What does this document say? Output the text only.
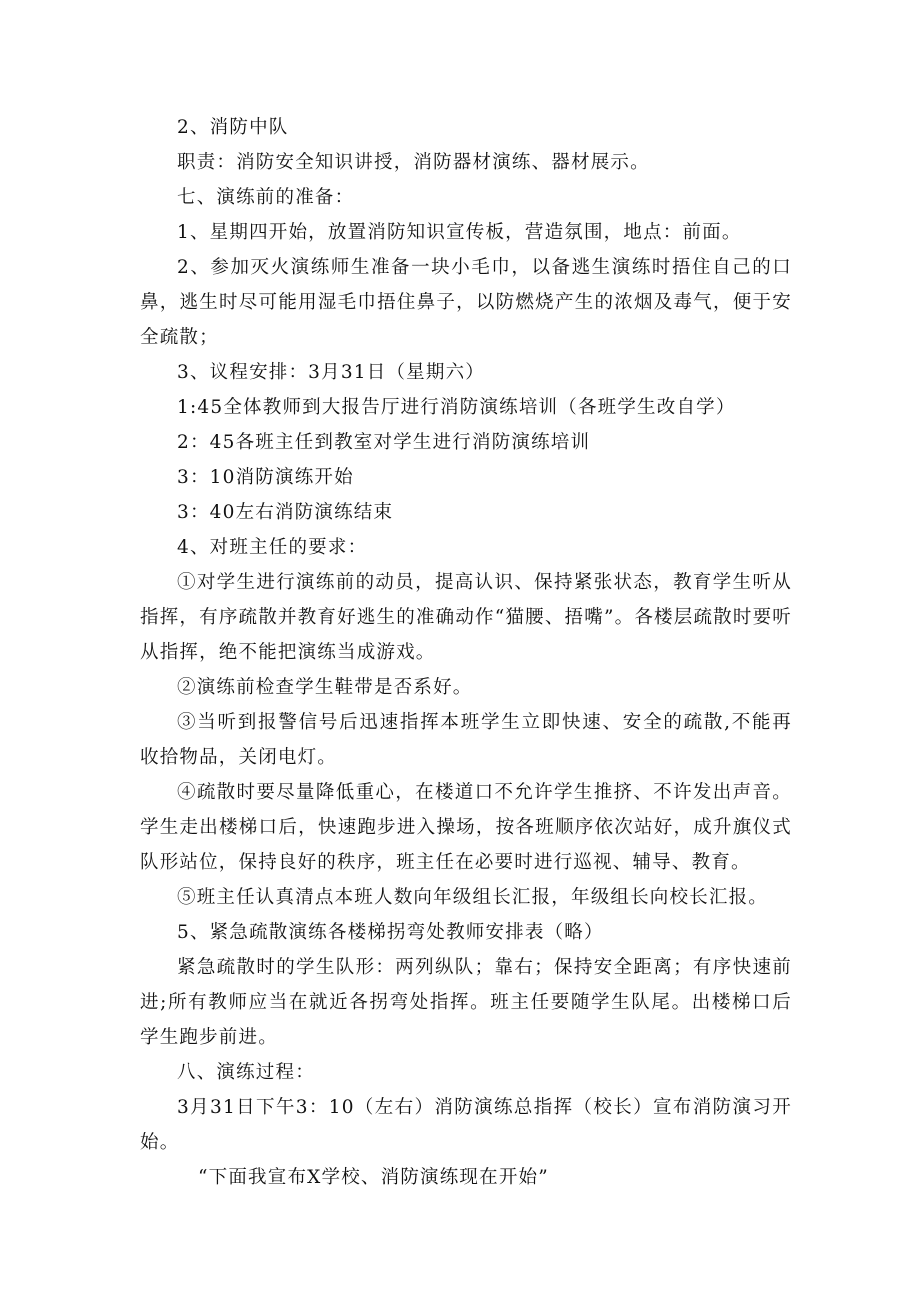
2、消防中队

职责：消防安全知识讲授，消防器材演练、器材展示。

七、演练前的准备：

1、星期四开始，放置消防知识宣传板，营造氛围，地点：前面。

2、参加灭火演练师生准备一块小毛巾，以备逃生演练时捂住自己的口鼻，逃生时尽可能用湿毛巾捂住鼻子，以防燃烧产生的浓烟及毒气，便于安全疏散；

3、议程安排：3月31日（星期六）

1:45全体教师到大报告厅进行消防演练培训（各班学生改自学）

2：45各班主任到教室对学生进行消防演练培训

3：10消防演练开始

3：40左右消防演练结束

4、对班主任的要求：

①对学生进行演练前的动员，提高认识、保持紧张状态，教育学生听从指挥，有序疏散并教育好逃生的准确动作“猫腰、捂嘴”。各楼层疏散时要听从指挥，绝不能把演练当成游戏。

②演练前检查学生鞋带是否系好。

③当听到报警信号后迅速指挥本班学生立即快速、安全的疏散,不能再收拾物品，关闭电灯。

④疏散时要尽量降低重心，在楼道口不允许学生推挤、不许发出声音。学生走出楼梯口后，快速跑步进入操场，按各班顺序依次站好，成升旗仪式队形站位，保持良好的秩序，班主任在必要时进行巡视、辅导、教育。

⑤班主任认真清点本班人数向年级组长汇报，年级组长向校长汇报。

5、紧急疏散演练各楼梯拐弯处教师安排表（略）

紧急疏散时的学生队形：两列纵队；靠右；保持安全距离；有序快速前进;所有教师应当在就近各拐弯处指挥。班主任要随学生队尾。出楼梯口后学生跑步前进。

八、演练过程：

3月31日下午3：10（左右）消防演练总指挥（校长）宣布消防演习开始。

“下面我宣布X学校、消防演练现在开始”
